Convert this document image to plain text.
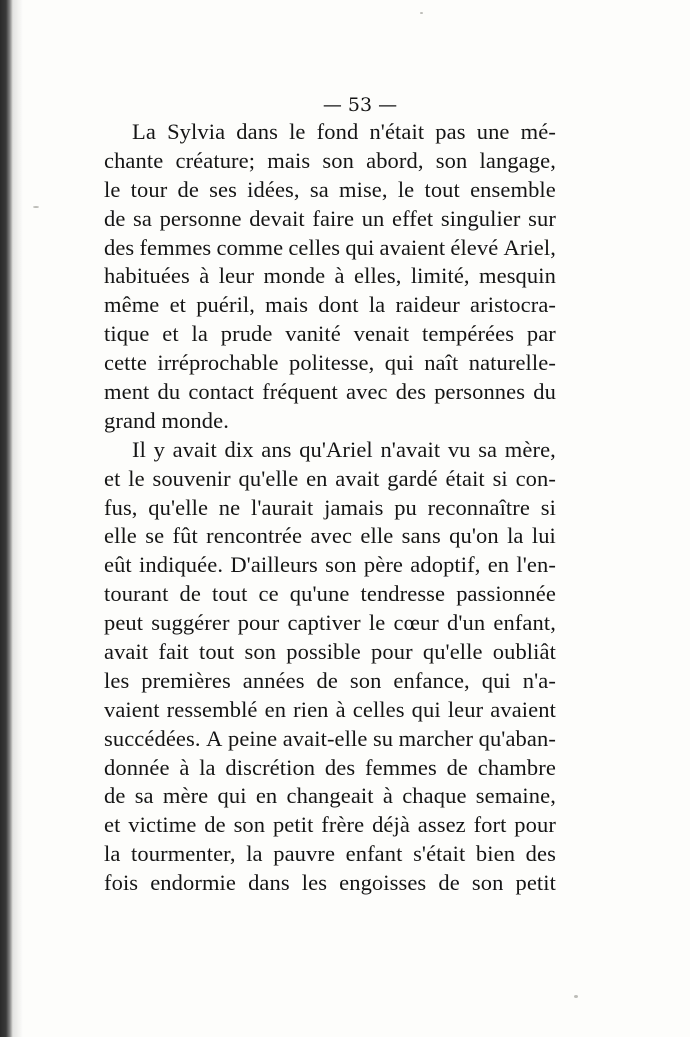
— 53 —
La Sylvia dans le fond n'était pas une mé-
chante créature; mais son abord, son langage,
le tour de ses idées, sa mise, le tout ensemble
de sa personne devait faire un effet singulier sur
des femmes comme celles qui avaient élevé Ariel,
habituées à leur monde à elles, limité, mesquin
même et puéril, mais dont la raideur aristocra-
tique et la prude vanité venait tempérées par
cette irréprochable politesse, qui naît naturelle-
ment du contact fréquent avec des personnes du
grand monde.
Il y avait dix ans qu'Ariel n'avait vu sa mère,
et le souvenir qu'elle en avait gardé était si con-
fus, qu'elle ne l'aurait jamais pu reconnaître si
elle se fût rencontrée avec elle sans qu'on la lui
eût indiquée. D'ailleurs son père adoptif, en l'en-
tourant de tout ce qu'une tendresse passionnée
peut suggérer pour captiver le cœur d'un enfant,
avait fait tout son possible pour qu'elle oubliât
les premières années de son enfance, qui n'a-
vaient ressemblé en rien à celles qui leur avaient
succédées. A peine avait-elle su marcher qu'aban-
donnée à la discrétion des femmes de chambre
de sa mère qui en changeait à chaque semaine,
et victime de son petit frère déjà assez fort pour
la tourmenter, la pauvre enfant s'était bien des
fois endormie dans les engoisses de son petit
